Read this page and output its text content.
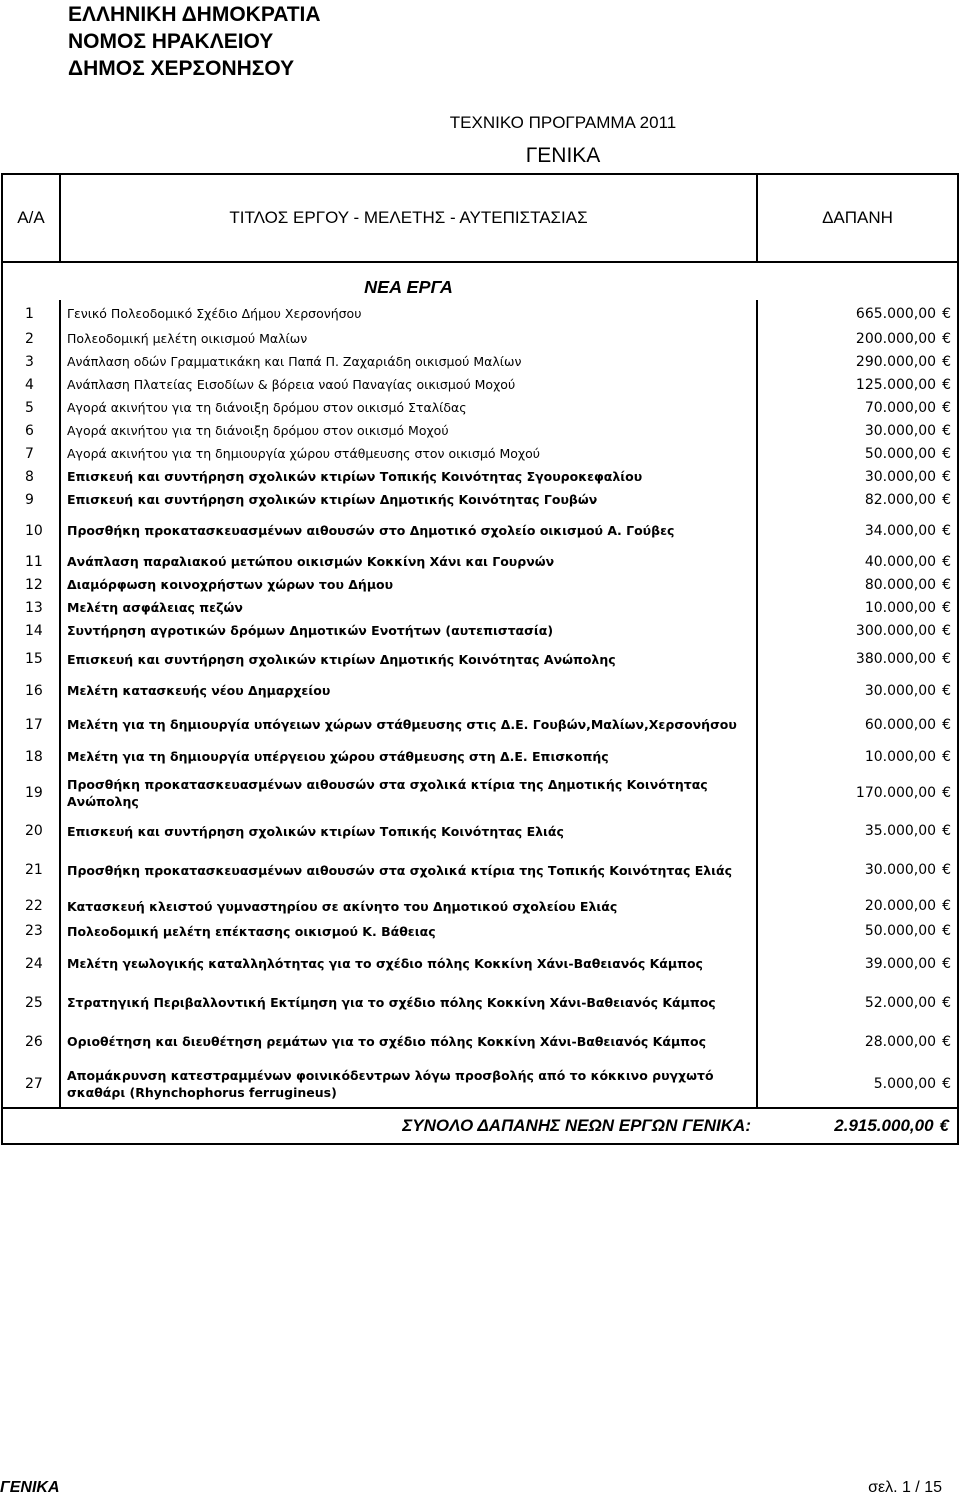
ΕΛΛΗΝΙΚΗ ΔΗΜΟΚΡΑΤΙΑ
ΝΟΜΟΣ ΗΡΑΚΛΕΙΟΥ
ΔΗΜΟΣ ΧΕΡΣΟΝΗΣΟΥ
ΤΕΧΝΙΚΟ ΠΡΟΓΡΑΜΜΑ 2011
ΓΕΝΙΚΑ
Α/Α	ΤΙΤΛΟΣ ΕΡΓΟΥ - ΜΕΛΕΤΗΣ - ΑΥΤΕΠΙΣΤΑΣΙΑΣ	ΔΑΠΑΝΗ
	ΝΕΑ ΕΡΓΑ	
1	Γενικό Πολεοδομικό Σχέδιο Δήμου Χερσονήσου	665.000,00 €
2	Πολεοδομική μελέτη οικισμού Μαλίων	200.000,00 €
3	Ανάπλαση οδών Γραμματικάκη και Παπά Π. Ζαχαριάδη οικισμού Μαλίων	290.000,00 €
4	Ανάπλαση Πλατείας Εισοδίων & βόρεια ναού Παναγίας οικισμού Μοχού	125.000,00 €
5	Αγορά ακινήτου για τη διάνοιξη δρόμου στον οικισμό Σταλίδας	70.000,00 €
6	Αγορά ακινήτου για τη διάνοιξη δρόμου στον οικισμό Μοχού	30.000,00 €
7	Αγορά ακινήτου για τη δημιουργία χώρου στάθμευσης στον οικισμό Μοχού	50.000,00 €
8	Επισκευή και συντήρηση σχολικών κτιρίων Τοπικής Κοινότητας Σγουροκεφαλίου	30.000,00 €
9	Επισκευή και συντήρηση σχολικών κτιρίων Δημοτικής Κοινότητας Γουβών	82.000,00 €
10	Προσθήκη προκατασκευασμένων αιθουσών στο Δημοτικό σχολείο οικισμού Α. Γούβες	34.000,00 €
11	Ανάπλαση παραλιακού μετώπου οικισμών Κοκκίνη Χάνι και Γουρνών	40.000,00 €
12	Διαμόρφωση κοινοχρήστων χώρων του Δήμου	80.000,00 €
13	Μελέτη ασφάλειας πεζών	10.000,00 €
14	Συντήρηση αγροτικών δρόμων Δημοτικών Ενοτήτων (αυτεπιστασία)	300.000,00 €
15	Επισκευή και συντήρηση σχολικών κτιρίων Δημοτικής Κοινότητας Ανώπολης	380.000,00 €
16	Μελέτη κατασκευής νέου Δημαρχείου	30.000,00 €
17	Μελέτη για τη δημιουργία υπόγειων χώρων στάθμευσης στις Δ.Ε. Γουβών,Μαλίων,Χερσονήσου	60.000,00 €
18	Μελέτη για τη δημιουργία υπέργειου χώρου στάθμευσης στη Δ.Ε. Επισκοπής	10.000,00 €
19	Προσθήκη προκατασκευασμένων αιθουσών στα σχολικά κτίρια της Δημοτικής Κοινότητας Ανώπολης	170.000,00 €
20	Επισκευή και συντήρηση σχολικών κτιρίων Τοπικής Κοινότητας Ελιάς	35.000,00 €
21	Προσθήκη προκατασκευασμένων αιθουσών στα σχολικά κτίρια της Τοπικής Κοινότητας Ελιάς	30.000,00 €
22	Κατασκευή κλειστού γυμναστηρίου σε ακίνητο του Δημοτικού σχολείου Ελιάς	20.000,00 €
23	Πολεοδομική μελέτη επέκτασης οικισμού Κ. Βάθειας	50.000,00 €
24	Μελέτη γεωλογικής καταλληλότητας για το σχέδιο πόλης Κοκκίνη Χάνι-Βαθειανός Κάμπος	39.000,00 €
25	Στρατηγική Περιβαλλοντική Εκτίμηση για το σχέδιο πόλης Κοκκίνη Χάνι-Βαθειανός Κάμπος	52.000,00 €
26	Οριοθέτηση και διευθέτηση ρεμάτων για το σχέδιο πόλης Κοκκίνη Χάνι-Βαθειανός Κάμπος	28.000,00 €
27	Απομάκρυνση κατεστραμμένων φοινικόδεντρων λόγω προσβολής από το κόκκινο ρυγχωτό σκαθάρι (Rhynchophorus ferrugineus)	5.000,00 €
	ΣΥΝΟΛΟ ΔΑΠΑΝΗΣ ΝΕΩΝ ΕΡΓΩΝ ΓΕΝΙΚΑ:	2.915.000,00 €
ΓΕΝΙΚΑ	σελ. 1 / 15
